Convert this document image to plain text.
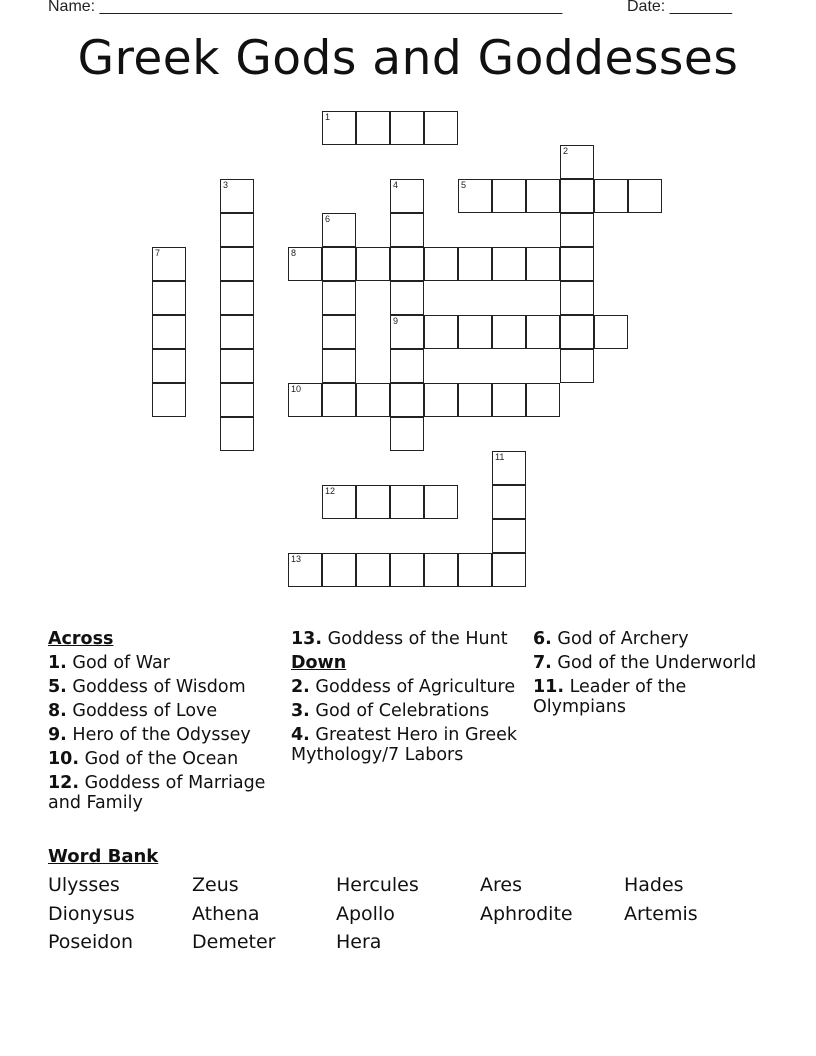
Name: ____________________________________________________	Date: _______
Greek Gods and Goddesses
1
2
3	4
9
5
6
7	8
10
11
12
13
Across
1. God of War
5. Goddess of Wisdom
8. Goddess of Love
9. Hero of the Odyssey
10. God of the Ocean
12. Goddess of Marriage and Family
13. Goddess of the Hunt
Down
2. Goddess of Agriculture
3. God of Celebrations
4. Greatest Hero in Greek Mythology/7 Labors
6. God of Archery
7. God of the Underworld
11. Leader of the Olympians
Word Bank
Ulysses	Zeus	Hercules	Ares	Hades
Dionysus	Athena	Apollo	Aphrodite	Artemis
Poseidon	Demeter	Hera
